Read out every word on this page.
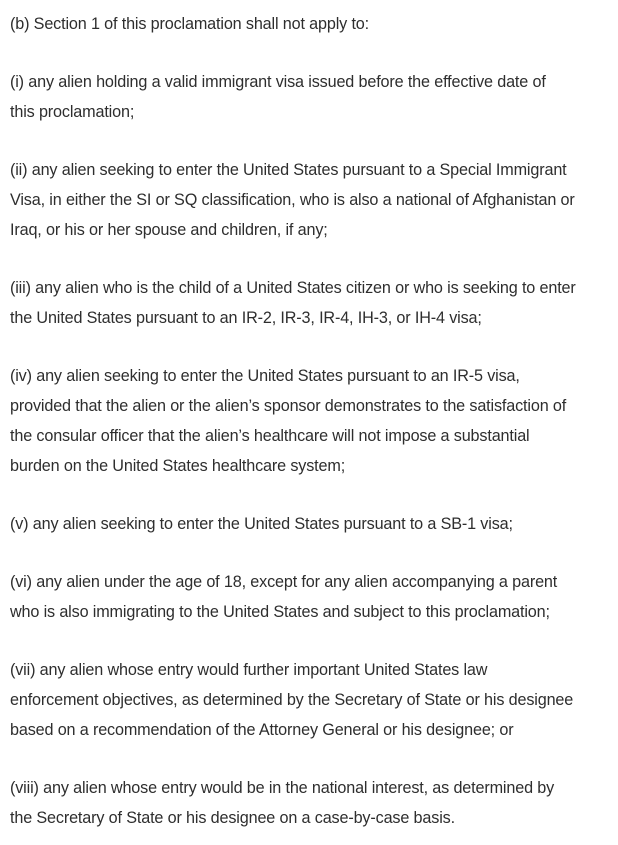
(b) Section 1 of this proclamation shall not apply to:

(i) any alien holding a valid immigrant visa issued before the effective date of
this proclamation;

(ii) any alien seeking to enter the United States pursuant to a Special Immigrant
Visa, in either the SI or SQ classification, who is also a national of Afghanistan or
Iraq, or his or her spouse and children, if any;

(iii) any alien who is the child of a United States citizen or who is seeking to enter
the United States pursuant to an IR-2, IR-3, IR-4, IH-3, or IH-4 visa;

(iv) any alien seeking to enter the United States pursuant to an IR-5 visa,
provided that the alien or the alien’s sponsor demonstrates to the satisfaction of
the consular officer that the alien’s healthcare will not impose a substantial
burden on the United States healthcare system;

(v) any alien seeking to enter the United States pursuant to a SB-1 visa;

(vi) any alien under the age of 18, except for any alien accompanying a parent
who is also immigrating to the United States and subject to this proclamation;

(vii) any alien whose entry would further important United States law
enforcement objectives, as determined by the Secretary of State or his designee
based on a recommendation of the Attorney General or his designee; or

(viii) any alien whose entry would be in the national interest, as determined by
the Secretary of State or his designee on a case-by-case basis.
